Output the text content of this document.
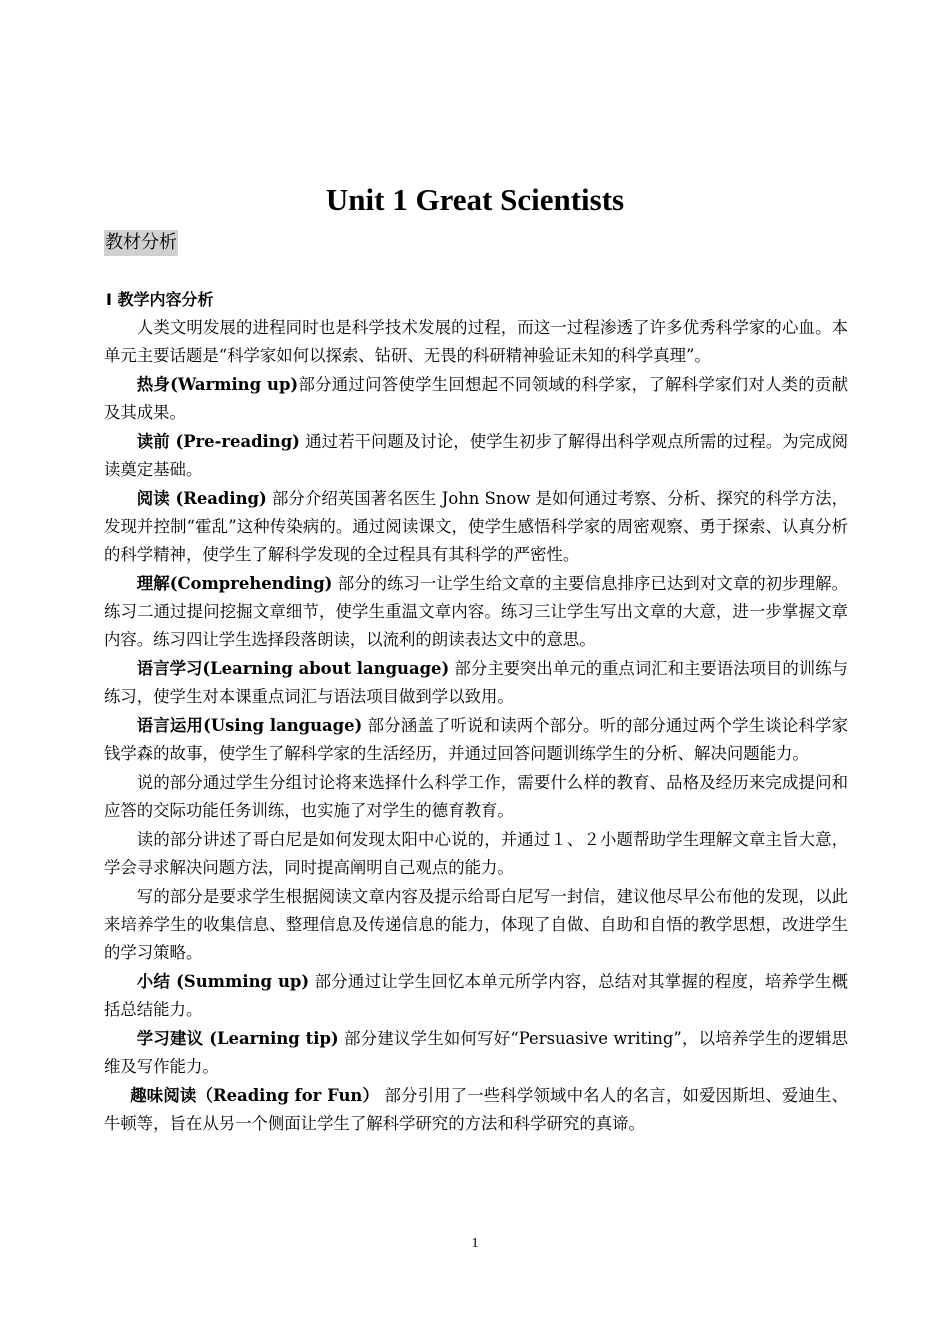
Unit 1 Great Scientists
教材分析
Ⅰ 教学内容分析

人类文明发展的进程同时也是科学技术发展的过程，而这一过程渗透了许多优秀科学家的心血。本单元主要话题是“科学家如何以探索、钻研、无畏的科研精神验证未知的科学真理”。

热身(Warming up)部分通过问答使学生回想起不同领域的科学家，了解科学家们对人类的贡献及其成果。

读前 (Pre-reading) 通过若干问题及讨论，使学生初步了解得出科学观点所需的过程。为完成阅读奠定基础。

阅读 (Reading) 部分介绍英国著名医生 John Snow 是如何通过考察、分析、探究的科学方法，发现并控制“霍乱”这种传染病的。通过阅读课文，使学生感悟科学家的周密观察、勇于探索、认真分析的科学精神，使学生了解科学发现的全过程具有其科学的严密性。

理解(Comprehending) 部分的练习一让学生给文章的主要信息排序已达到对文章的初步理解。练习二通过提问挖掘文章细节，使学生重温文章内容。练习三让学生写出文章的大意，进一步掌握文章内容。练习四让学生选择段落朗读，以流利的朗读表达文中的意思。

语言学习(Learning about language) 部分主要突出单元的重点词汇和主要语法项目的训练与练习，使学生对本课重点词汇与语法项目做到学以致用。

语言运用(Using language) 部分涵盖了听说和读两个部分。听的部分通过两个学生谈论科学家钱学森的故事，使学生了解科学家的生活经历，并通过回答问题训练学生的分析、解决问题能力。

说的部分通过学生分组讨论将来选择什么科学工作，需要什么样的教育、品格及经历来完成提问和应答的交际功能任务训练，也实施了对学生的德育教育。

读的部分讲述了哥白尼是如何发现太阳中心说的，并通过１、２小题帮助学生理解文章主旨大意，学会寻求解决问题方法，同时提高阐明自己观点的能力。

写的部分是要求学生根据阅读文章内容及提示给哥白尼写一封信，建议他尽早公布他的发现，以此来培养学生的收集信息、整理信息及传递信息的能力，体现了自做、自助和自悟的教学思想，改进学生的学习策略。

小结 (Summing up) 部分通过让学生回忆本单元所学内容，总结对其掌握的程度，培养学生概括总结能力。

学习建议 (Learning tip) 部分建议学生如何写好“Persuasive writing”，以培养学生的逻辑思维及写作能力。

趣味阅读（Reading for Fun） 部分引用了一些科学领域中名人的名言，如爱因斯坦、爱迪生、牛顿等，旨在从另一个侧面让学生了解科学研究的方法和科学研究的真谛。

1
